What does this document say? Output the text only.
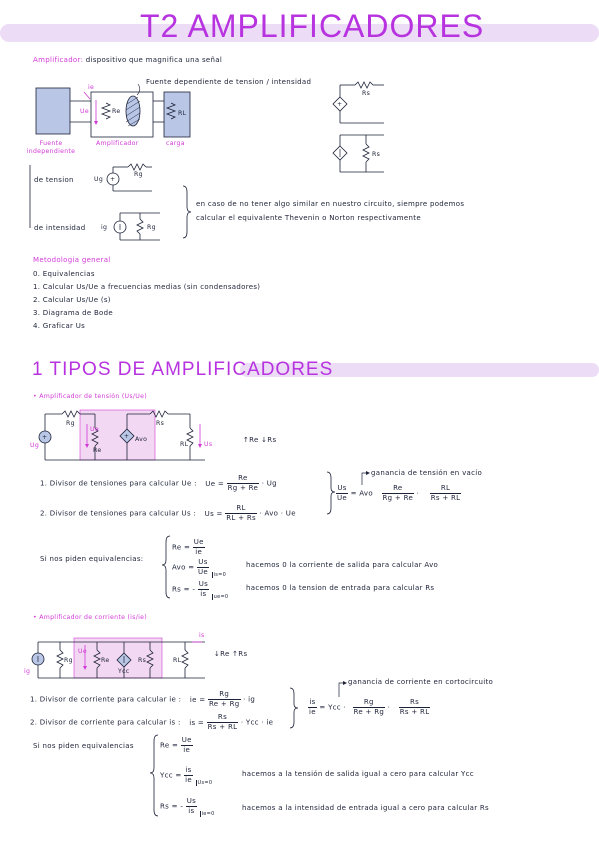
T2 AMPLIFICADORES
Amplificador: dispositivo que magnifica una señal
+
Fuente dependiente de tension / intensidad
ie
Ue	Re	RL
Fuente independiente
Amplificador	carga
Rs
Rs
+
de tension	Ug
Rg
de intensidad ig	Rg
en caso de no tener algo similar en nuestro circuito, siempre podemos
calcular el equivalente Thevenin o Norton respectivamente
Metodologia general
0. Equivalencias
1. Calcular Us/Ue a frecuencias medias (sin condensadores)
2. Calcular Us/Ue (s)
3. Diagrama de Bode
4. Graficar Us
1 TIPOS DE AMPLIFICADORES
• Amplificador de tensión (Us/Ue)
+	+
Rg
Ue
Re
Rs
Avo
RL	Us
Ug
↑Re ↓Rs
1. Divisor de tensiones para calcular Ue : $Ue = \frac{Re}{Rg + Re} \cdot Ug$
2. Divisor de tensiones para calcular Us : $Us = \frac{RL}{RL + Rs}$ · Avo · Ue
ganancia de tensión en vacío
$\frac{Us}{Ue}$ = Avo $\frac{Re}{Rg + Re} \cdot \frac{RL}{Rs + RL}$
Si nos piden equivalencias:
$Re = \frac{Ue}{ie}$
Avo = $\frac{Us}{Ue} _{is=0}$
hacemos 0 la corriente de salida para calcular Avo
Rs = - $\frac{Us}{is} _{ue=0}$
hacemos 0 la tension de entrada para calcular Rs
• Amplificador de corriente (is/ie)
ig
Rg
Ue
Re
Ycc
Rs	RL
is
↓Re ↑Rs
1. Divisor de corriente para calcular ie : ie = $\frac{Rg}{Re + Rg}$ · ig
2. Divisor de corriente para calcular is : is = $\frac{Rs}{Rs + RL}$ · Ycc · ie
ganancia de corriente en cortocircuito
$\frac{is}{ie}$ = Ycc · $\frac{Rg}{Re + Rg} \cdot \frac{Rs}{Rs + RL}$
Si nos piden equivalencias	$Re = \frac{Ue}{ie}$
Ycc = $\frac{is}{ie} _{Us=0}$
hacemos a la tensión de salida igual a cero para calcular Ycc
Rs = - $\frac{Us}{is} _{ie=0}$
hacemos a la intensidad de entrada igual a cero para calcular Rs
